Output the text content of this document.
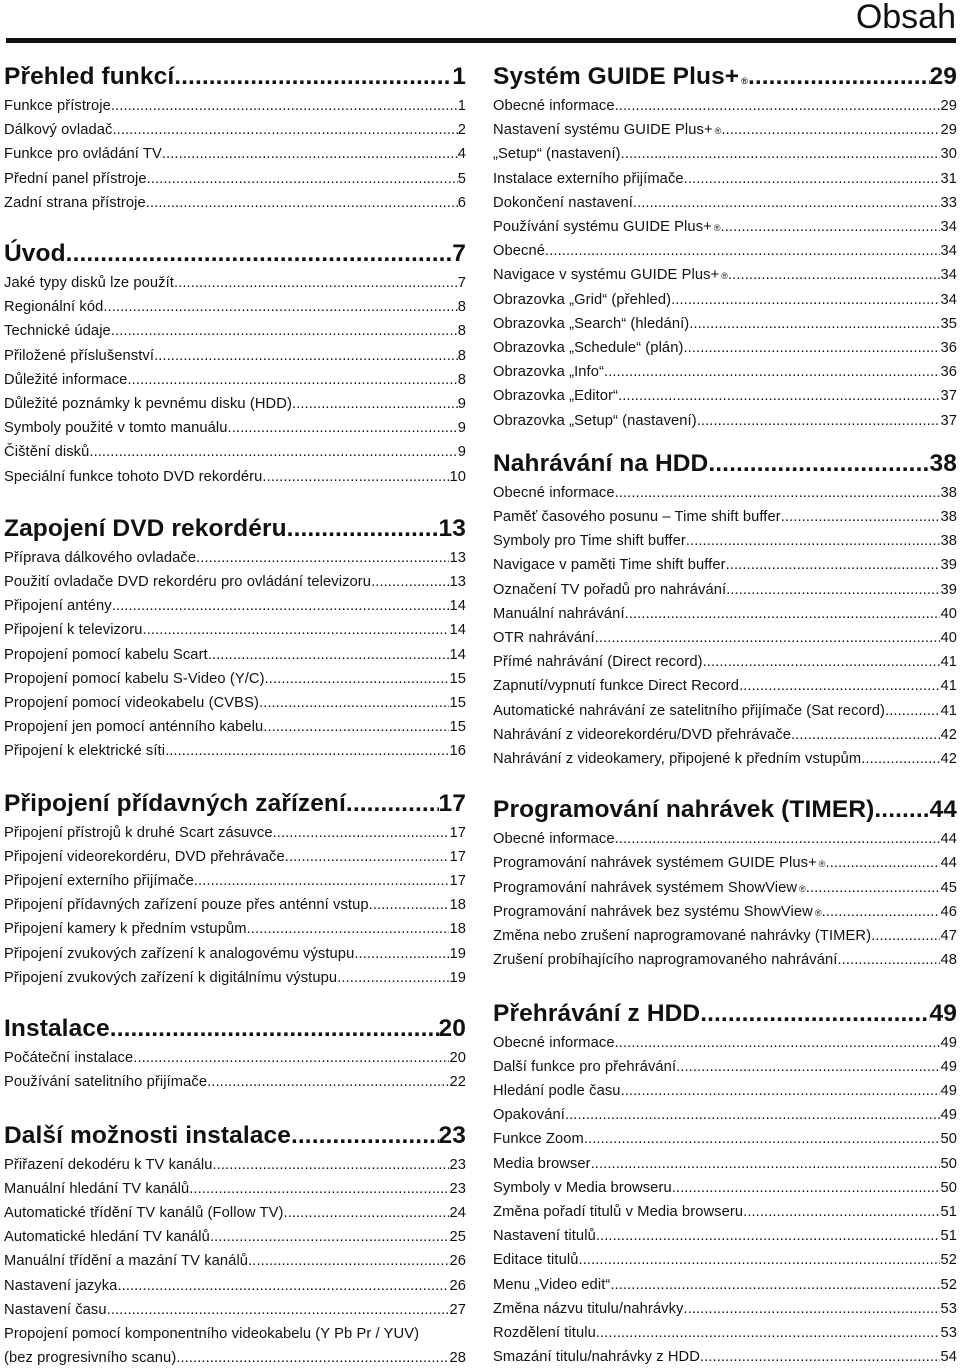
Obsah
Přehled funkcí .....	1
Funkce přístroje .....	1
Dálkový ovladač .....	2
Funkce pro ovládání TV .....	4
Přední panel přístroje .....	5
Zadní strana přístroje .....	6
Úvod .....	7
Jaké typy disků lze použít .....	7
Regionální kód .....	8
Technické údaje .....	8
Přiložené příslušenství .....	8
Důležité informace .....	8
Důležité poznámky k pevnému disku (HDD) .....	9
Symboly použité v tomto manuálu .....	9
Čištění disků .....	9
Speciální funkce tohoto DVD rekordéru .....	10
Zapojení DVD rekordéru .....	13
Příprava dálkového ovladače .....	13
Použití ovladače DVD rekordéru pro ovládání televizoru .....	13
Připojení antény .....	14
Připojení k televizoru .....	14
Propojení pomocí kabelu Scart .....	14
Propojení pomocí kabelu S-Video (Y/C) .....	15
Propojení pomocí videokabelu (CVBS) .....	15
Propojení jen pomocí anténního kabelu .....	15
Připojení k elektrické síti .....	16
Připojení přídavných zařízení .....	17
Připojení přístrojů k druhé Scart zásuvce .....	17
Připojení videorekordéru, DVD přehrávače .....	17
Připojení externího přijímače .....	17
Připojení přídavných zařízení pouze přes anténní vstup .....	18
Připojení kamery k předním vstupům .....	18
Připojení zvukových zařízení k analogovému výstupu .....	19
Připojení zvukových zařízení k digitálnímu výstupu .....	19
Instalace .....	20
Počáteční instalace .....	20
Používání satelitního přijímače .....	22
Další možnosti instalace .....	23
Přiřazení dekodéru k TV kanálu .....	23
Manuální hledání TV kanálů .....	23
Automatické třídění TV kanálů (Follow TV) .....	24
Automatické hledání TV kanálů .....	25
Manuální třídění a mazání TV kanálů .....	26
Nastavení jazyka .....	26
Nastavení času .....	27
Propojení pomocí komponentního videokabelu (Y Pb Pr / YUV)
(bez progresivního scanu) .....	28
Systém GUIDE Plus+ ® .....	29
Obecné informace .....	29
Nastavení systému GUIDE Plus+ ® .....	29
„Setup“ (nastavení) .....	30
Instalace externího přijímače .....	31
Dokončení nastavení .....	33
Používání systému GUIDE Plus+ ® .....	34
Obecné .....	34
Navigace v systému GUIDE Plus+ ® .....	34
Obrazovka „Grid“ (přehled) .....	34
Obrazovka „Search“ (hledání) .....	35
Obrazovka „Schedule“ (plán) .....	36
Obrazovka „Info“ .....	36
Obrazovka „Editor“ .....	37
Obrazovka „Setup“ (nastavení) .....	37
Nahrávání na HDD .....	38
Obecné informace .....	38
Paměť časového posunu – Time shift buffer .....	38
Symboly pro Time shift buffer .....	38
Navigace v paměti Time shift buffer .....	39
Označení TV pořadů pro nahrávání .....	39
Manuální nahrávání .....	40
OTR nahrávání .....	40
Přímé nahrávání (Direct record) .....	41
Zapnutí/vypnutí funkce Direct Record .....	41
Automatické nahrávání ze satelitního přijímače (Sat record) .....	41
Nahrávání z videorekordéru/DVD přehrávače .....	42
Nahrávání z videokamery, připojené k předním vstupům .....	42
Programování nahrávek (TIMER) ..... 44
Obecné informace .....	44
Programování nahrávek systémem GUIDE Plus+ ® .....	44
Programování nahrávek systémem ShowView ® .....	45
Programování nahrávek bez systému ShowView ® .....	46
Změna nebo zrušení naprogramované nahrávky (TIMER) .....	47
Zrušení probíhajícího naprogramovaného nahrávání .....	48
Přehrávání z HDD .....	49
Obecné informace .....	49
Další funkce pro přehrávání .....	49
Hledání podle času .....	49
Opakování .....	49
Funkce Zoom .....	50
Media browser .....	50
Symboly v Media browseru .....	50
Změna pořadí titulů v Media browseru .....	51
Nastavení titulů .....	51
Editace titulů .....	52
Menu „Video edit“ .....	52
Změna názvu titulu/nahrávky .....	53
Rozdělení titulu .....	53
Smazání titulu/nahrávky z HDD .....	54
